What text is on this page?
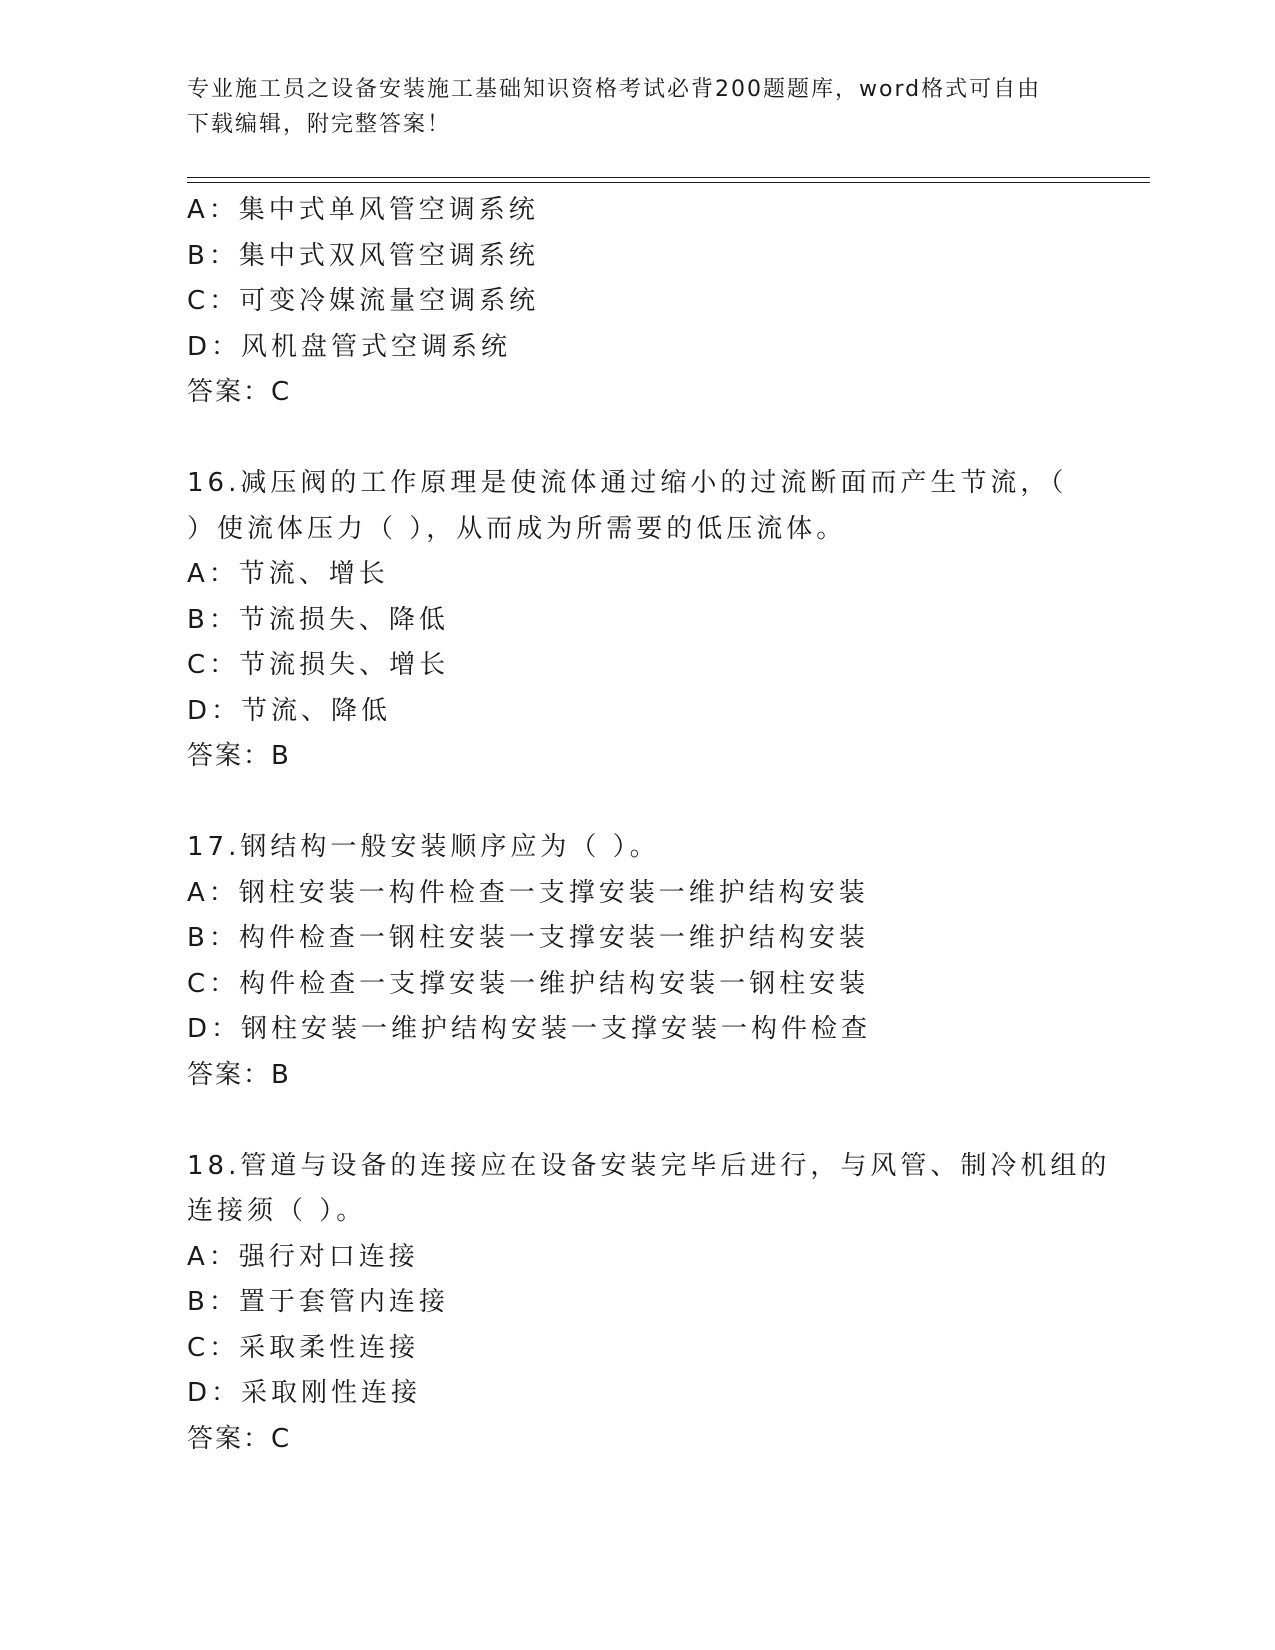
专业施工员之设备安装施工基础知识资格考试必背200题题库，word格式可自由
下载编辑，附完整答案！
A：集中式单风管空调系统
B：集中式双风管空调系统
C：可变冷媒流量空调系统
D：风机盘管式空调系统
答案：C
16.减压阀的工作原理是使流体通过缩小的过流断面而产生节流，（
）使流体压力（ ），从而成为所需要的低压流体。
A：节流、增长
B：节流损失、降低
C：节流损失、增长
D：节流、降低
答案：B
17.钢结构一般安装顺序应为（ ）。
A：钢柱安装一构件检查一支撑安装一维护结构安装
B：构件检查一钢柱安装一支撑安装一维护结构安装
C：构件检查一支撑安装一维护结构安装一钢柱安装
D：钢柱安装一维护结构安装一支撑安装一构件检查
答案：B
18.管道与设备的连接应在设备安装完毕后进行，与风管、制冷机组的
连接须（ ）。
A：强行对口连接
B：置于套管内连接
C：采取柔性连接
D：采取刚性连接
答案：C
